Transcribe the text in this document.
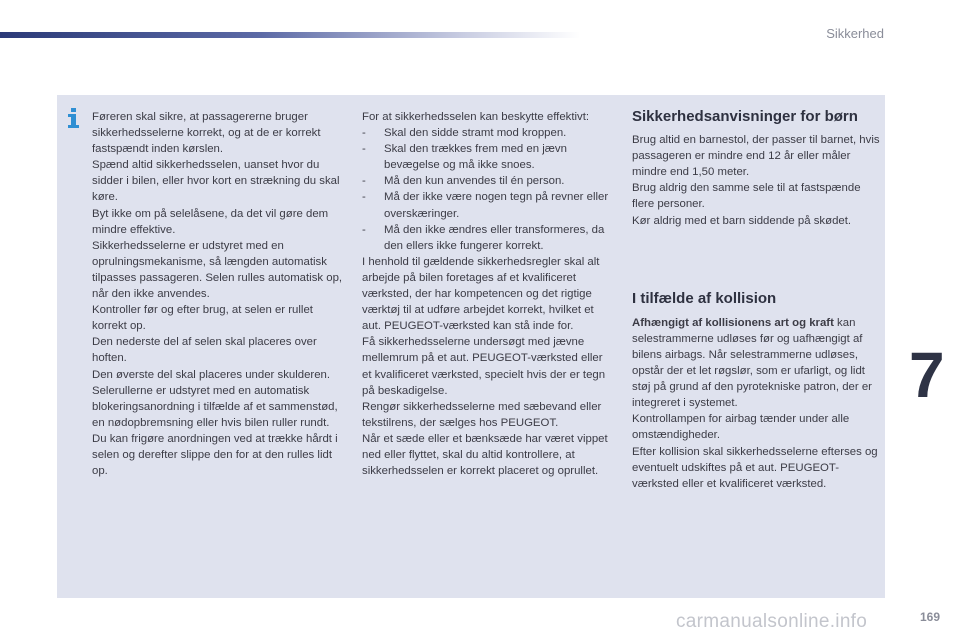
Sikkerhed

Føreren skal sikre, at passagererne bruger sikkerhedsselerne korrekt, og at de er korrekt fastspændt inden kørslen.

Spænd altid sikkerhedsselen, uanset hvor du sidder i bilen, eller hvor kort en strækning du skal køre.

Byt ikke om på selelåsene, da det vil gøre dem mindre effektive.

Sikkerhedsselerne er udstyret med en oprulningsmekanisme, så længden automatisk tilpasses passageren. Selen rulles automatisk op, når den ikke anvendes.

Kontroller før og efter brug, at selen er rullet korrekt op.

Den nederste del af selen skal placeres over hoften.

Den øverste del skal placeres under skulderen.

Selerullerne er udstyret med en automatisk blokeringsanordning i tilfælde af et sammenstød, en nødopbremsning eller hvis bilen ruller rundt. Du kan frigøre anordningen ved at trække hårdt i selen og derefter slippe den for at den rulles lidt op.

For at sikkerhedsselen kan beskytte effektivt:

- Skal den sidde stramt mod kroppen.

- Skal den trækkes frem med en jævn bevægelse og må ikke snoes.

- Må den kun anvendes til én person.

- Må der ikke være nogen tegn på revner eller overskæringer.

- Må den ikke ændres eller transformeres, da den ellers ikke fungerer korrekt.

I henhold til gældende sikkerhedsregler skal alt arbejde på bilen foretages af et kvalificeret værksted, der har kompetencen og det rigtige værktøj til at udføre arbejdet korrekt, hvilket et aut. PEUGEOT-værksted kan stå inde for.

Få sikkerhedsselerne undersøgt med jævne mellemrum på et aut. PEUGEOT-værksted eller et kvalificeret værksted, specielt hvis der er tegn på beskadigelse.

Rengør sikkerhedsselerne med sæbevand eller tekstilrens, der sælges hos PEUGEOT.

Når et sæde eller et bænksæde har været vippet ned eller flyttet, skal du altid kontrollere, at sikkerhedsselen er korrekt placeret og oprullet.

Sikkerhedsanvisninger for børn

Brug altid en barnestol, der passer til barnet, hvis passageren er mindre end 12 år eller måler mindre end 1,50 meter.

Brug aldrig den samme sele til at fastspænde flere personer.

Kør aldrig med et barn siddende på skødet.

I tilfælde af kollision

Afhængigt af kollisionens art og kraft kan selestrammerne udløses før og uafhængigt af bilens airbags. Når selestrammerne udløses, opstår der et let røgslør, som er ufarligt, og lidt støj på grund af den pyrotekniske patron, der er integreret i systemet.

Kontrollampen for airbag tænder under alle omstændigheder.

Efter kollision skal sikkerhedsselerne efterses og eventuelt udskiftes på et aut. PEUGEOT-værksted eller et kvalificeret værksted.

7
carmanualsonline.info	169
